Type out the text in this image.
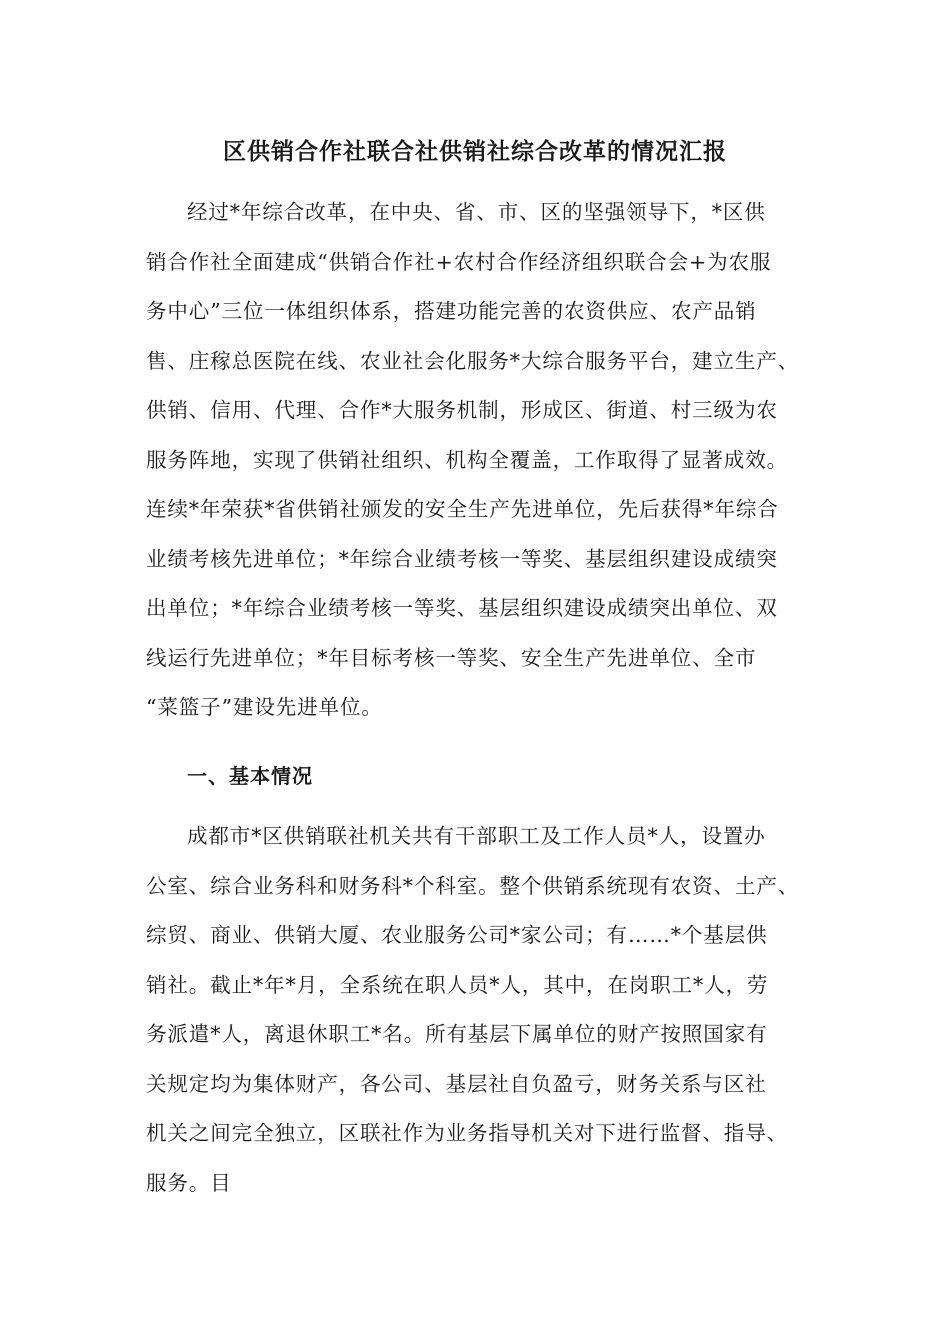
区供销合作社联合社供销社综合改革的情况汇报
经过*年综合改革，在中央、省、市、区的坚强领导下，*区供
销合作社全面建成“供销合作社+农村合作经济组织联合会+为农服
务中心”三位一体组织体系，搭建功能完善的农资供应、农产品销
售、庄稼总医院在线、农业社会化服务*大综合服务平台，建立生产、
供销、信用、代理、合作*大服务机制，形成区、街道、村三级为农
服务阵地，实现了供销社组织、机构全覆盖，工作取得了显著成效。
连续*年荣获*省供销社颁发的安全生产先进单位，先后获得*年综合
业绩考核先进单位；*年综合业绩考核一等奖、基层组织建设成绩突
出单位；*年综合业绩考核一等奖、基层组织建设成绩突出单位、双
线运行先进单位；*年目标考核一等奖、安全生产先进单位、全市
“菜篮子”建设先进单位。
一、基本情况
成都市*区供销联社机关共有干部职工及工作人员*人，设置办
公室、综合业务科和财务科*个科室。整个供销系统现有农资、土产、
综贸、商业、供销大厦、农业服务公司*家公司；有……*个基层供
销社。截止*年*月，全系统在职人员*人，其中，在岗职工*人，劳
务派遣*人，离退休职工*名。所有基层下属单位的财产按照国家有
关规定均为集体财产，各公司、基层社自负盈亏，财务关系与区社
机关之间完全独立，区联社作为业务指导机关对下进行监督、指导、
服务。目
